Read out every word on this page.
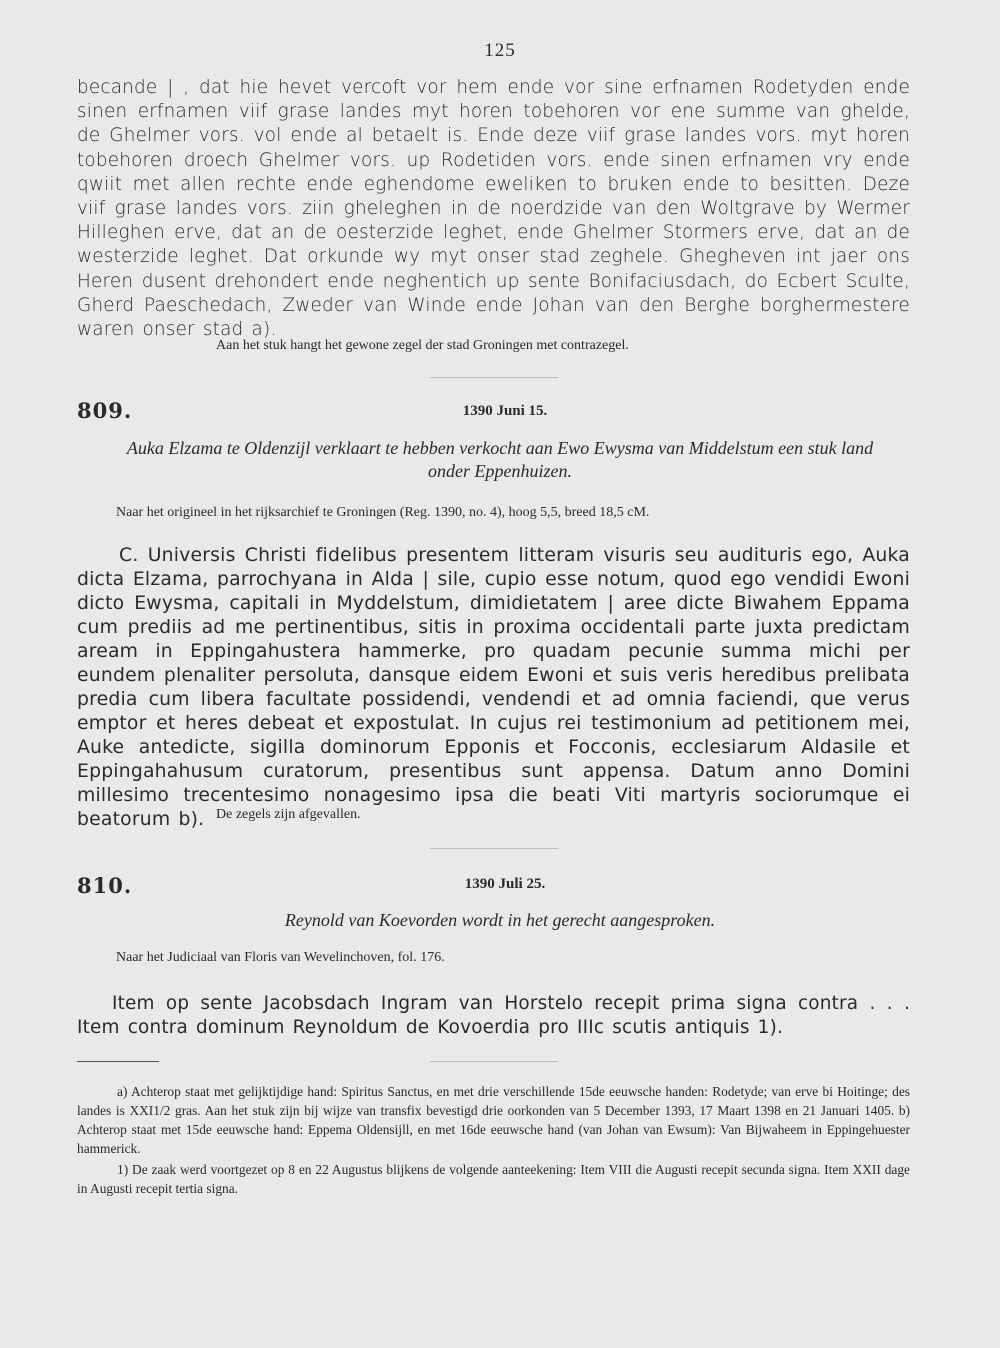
125

becande | , dat hie hevet vercoft vor hem ende vor sine erfnamen Rodetyden ende sinen erfnamen viif grase landes myt horen tobehoren vor ene summe van ghelde, de Ghelmer vors. vol ende al betaelt is. Ende deze viif grase landes vors. myt horen tobehoren droech Ghelmer vors. up Rodetiden vors. ende sinen erfnamen vry ende qwiit met allen rechte ende eghendome eweliken to bruken ende to besitten. Deze viif grase landes vors. ziin gheleghen in de noerdzide van den Woltgrave by Wermer Hilleghen erve, dat an de oesterzide leghet, ende Ghelmer Stormers erve, dat an de westerzide leghet. Dat orkunde wy myt onser stad zeghele. Ghegheven int jaer ons Heren dusent drehondert ende neghentich up sente Bonifaciusdach, do Ecbert Sculte, Gherd Paeschedach, Zweder van Winde ende Johan van den Berghe borghermestere waren onser stad a).

Aan het stuk hangt het gewone zegel der stad Groningen met contrazegel.
809.	1390 Juni 15.
Auka Elzama te Oldenzijl verklaart te hebben verkocht aan Ewo Ewysma van Middelstum een stuk land onder Eppenhuizen.
Naar het origineel in het rijksarchief te Groningen (Reg. 1390, no. 4), hoog 5,5, breed 18,5 cM.

C. Universis Christi fidelibus presentem litteram visuris seu audituris ego, Auka dicta Elzama, parrochyana in Alda | sile, cupio esse notum, quod ego vendidi Ewoni dicto Ewysma, capitali in Myddelstum, dimidietatem | aree dicte Biwahem Eppama cum prediis ad me pertinentibus, sitis in proxima occidentali parte juxta predictam aream in Eppingahustera hammerke, pro quadam pecunie summa michi per eundem plenaliter persoluta, dansque eidem Ewoni et suis veris heredibus prelibata predia cum libera facultate possidendi, vendendi et ad omnia faciendi, que verus emptor et heres debeat et expostulat. In cujus rei testimonium ad petitionem mei, Auke antedicte, sigilla dominorum Epponis et Focconis, ecclesiarum Aldasile et Eppingahahusum curatorum, presentibus sunt appensa. Datum anno Domini millesimo trecentesimo nonagesimo ipsa die beati Viti martyris sociorumque ei beatorum b). De zegels zijn afgevallen.
810.	1390 Juli 25.
Reynold van Koevorden wordt in het gerecht aangesproken.
Naar het Judiciaal van Floris van Wevelinchoven, fol. 176.

Item op sente Jacobsdach Ingram van Horstelo recepit prima signa contra . . . Item contra dominum Reynoldum de Kovoerdia pro IIIc scutis antiquis 1).

a) Achterop staat met gelijktijdige hand: Spiritus Sanctus, en met drie verschillende 15de eeuwsche handen: Rodetyde; van erve bi Hoitinge; des landes is XXI1/2 gras. Aan het stuk zijn bij wijze van transfix bevestigd drie oorkonden van 5 December 1393, 17 Maart 1398 en 21 Januari 1405. b) Achterop staat met 15de eeuwsche hand: Eppema Oldensijll, en met 16de eeuwsche hand (van Johan van Ewsum): Van Bijwaheem in Eppingehuester hammerick.

1) De zaak werd voortgezet op 8 en 22 Augustus blijkens de volgende aanteekening: Item VIII die Augusti recepit secunda signa. Item XXII dage in Augusti recepit tertia signa.
